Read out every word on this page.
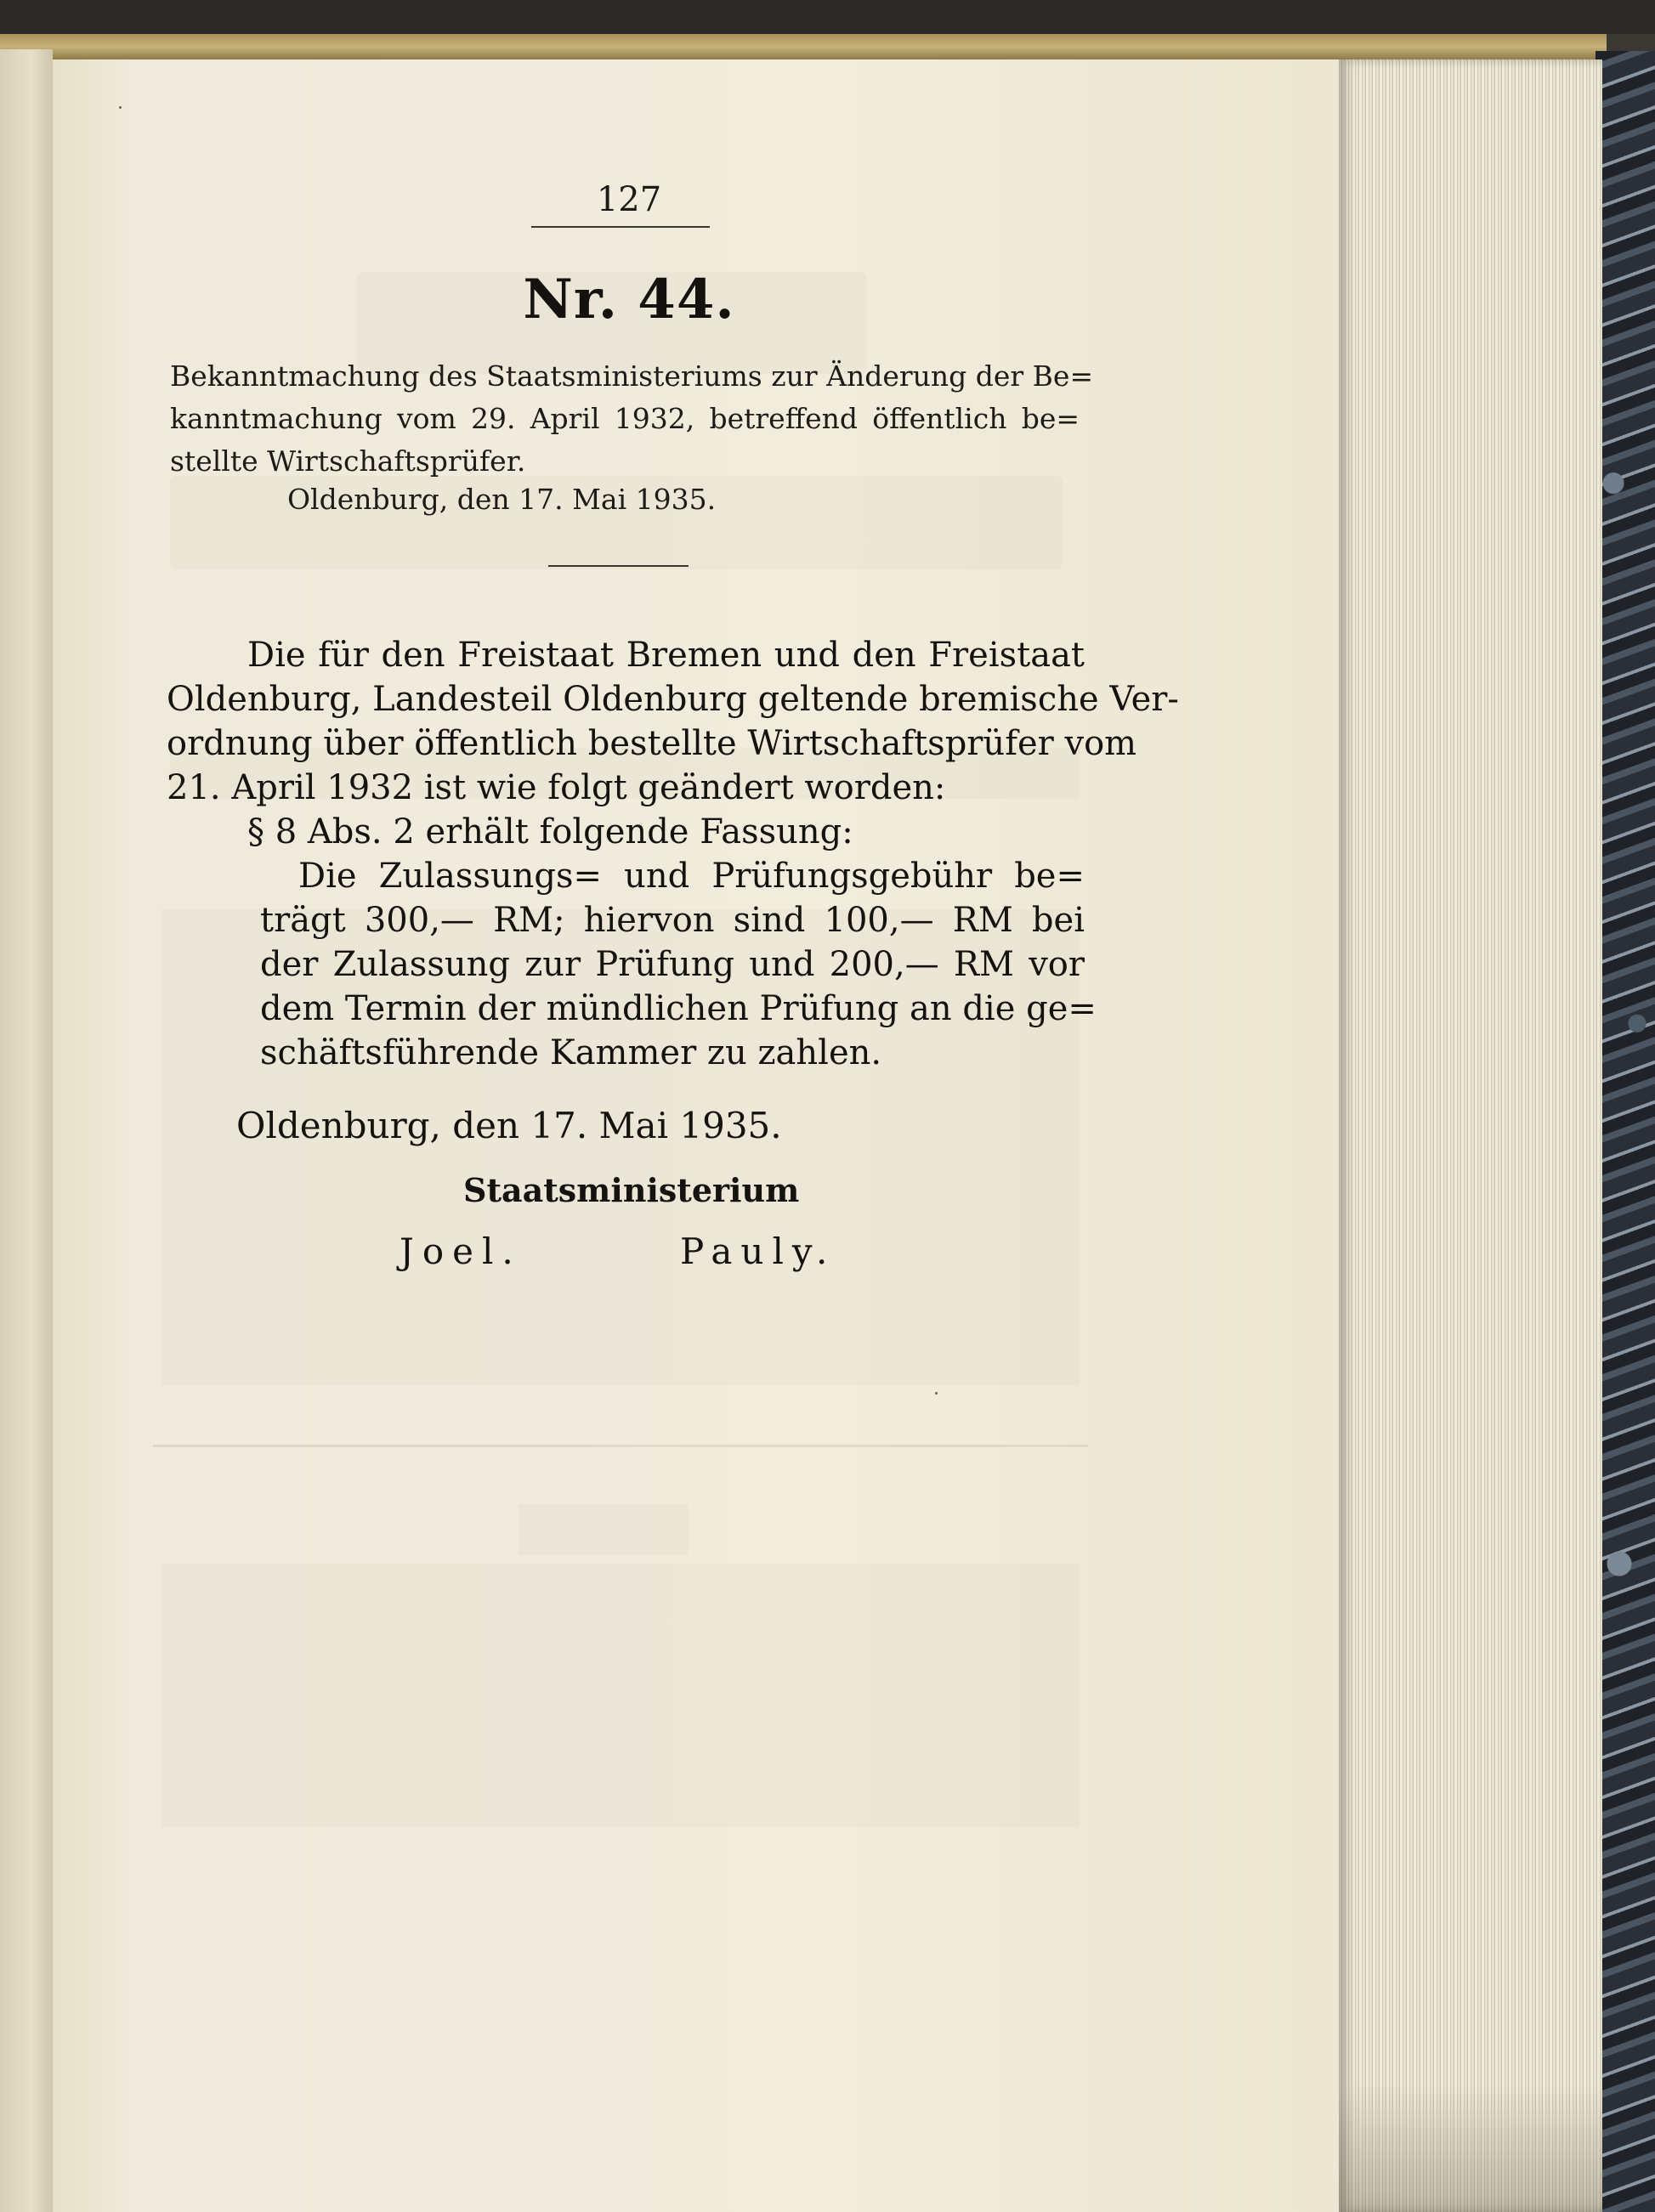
127
Nr. 44.
Bekanntmachung des Staatsministeriums zur Änderung der Be=
kanntmachung vom 29. April 1932, betreffend öffentlich be=
stellte Wirtschaftsprüfer.
Oldenburg, den 17. Mai 1935.
Die für den Freistaat Bremen und den Freistaat
Oldenburg, Landesteil Oldenburg geltende bremische Ver-
ordnung über öffentlich bestellte Wirtschaftsprüfer vom
21. April 1932 ist wie folgt geändert worden:
§ 8 Abs. 2 erhält folgende Fassung:
Die Zulassungs= und Prüfungsgebühr be=
trägt 300,— RM; hiervon sind 100,— RM bei
der Zulassung zur Prüfung und 200,— RM vor
dem Termin der mündlichen Prüfung an die ge=
schäftsführende Kammer zu zahlen.
Oldenburg, den 17. Mai 1935.
Staatsministerium
Joel.	Pauly.
